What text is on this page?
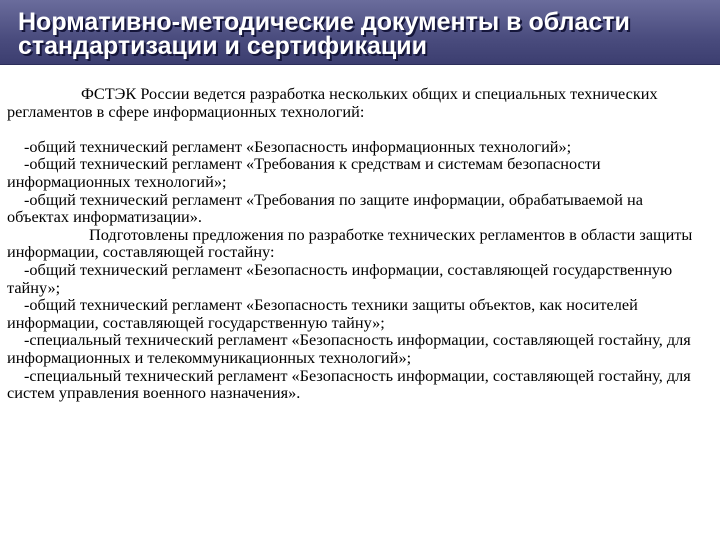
Нормативно-методические документы в области
стандартизации и сертификации

ФСТЭК России ведется разработка нескольких общих и специальных технических регламентов в сфере информационных технологий:

-общий технический регламент «Безопасность информационных технологий»;

-общий технический регламент «Требования к средствам и системам безопасности информационных технологий»;

-общий технический регламент «Требования по защите информации, обрабатываемой на объектах информатизации».

Подготовлены предложения по разработке технических регламентов в области защиты информации, составляющей гостайну:

-общий технический регламент «Безопасность информации, составляющей государственную тайну»;

-общий технический регламент «Безопасность техники защиты объектов, как носителей информации, составляющей государственную тайну»;

-специальный технический регламент «Безопасность информации, составляющей гостайну, для информационных и телекоммуникационных технологий»;

-специальный технический регламент «Безопасность информации, составляющей гостайну, для систем управления военного назначения».
